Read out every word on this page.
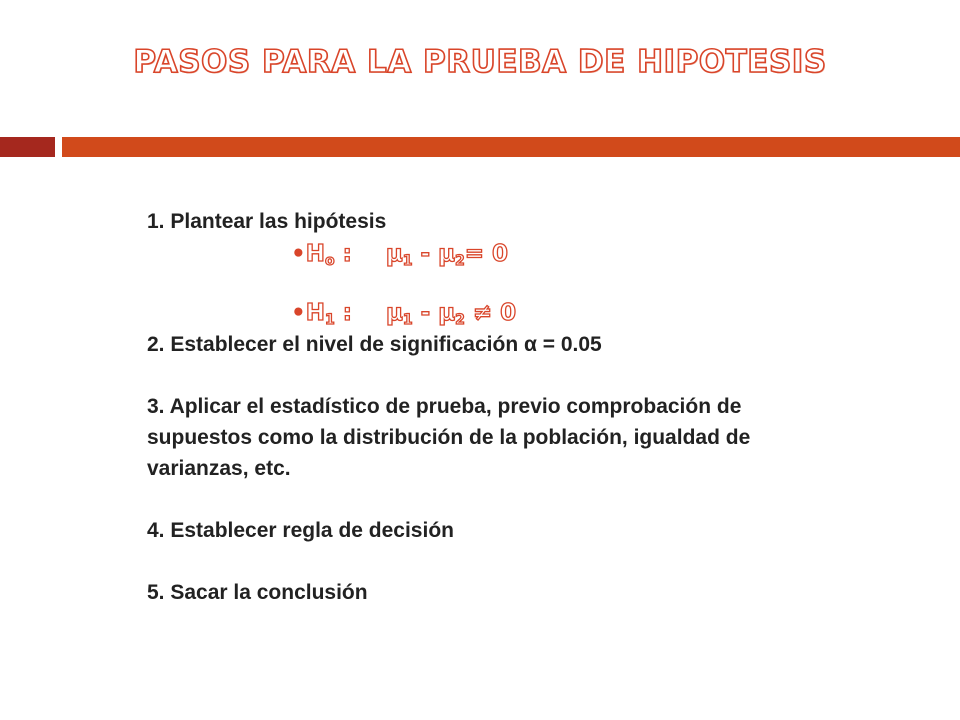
PASOS PARA LA PRUEBA DE HIPOTESIS

1. Plantear las hipótesis

$•H_o$ : $\mu_1 - \mu_2= 0$
$•H_1$ : $\mu_1 - \mu_2 \ne 0$

2. Establecer el nivel de significación α = 0.05

3. Aplicar el estadístico de prueba, previo comprobación de supuestos como la distribución de la población, igualdad de varianzas, etc.

4. Establecer regla de decisión

5. Sacar la conclusión
